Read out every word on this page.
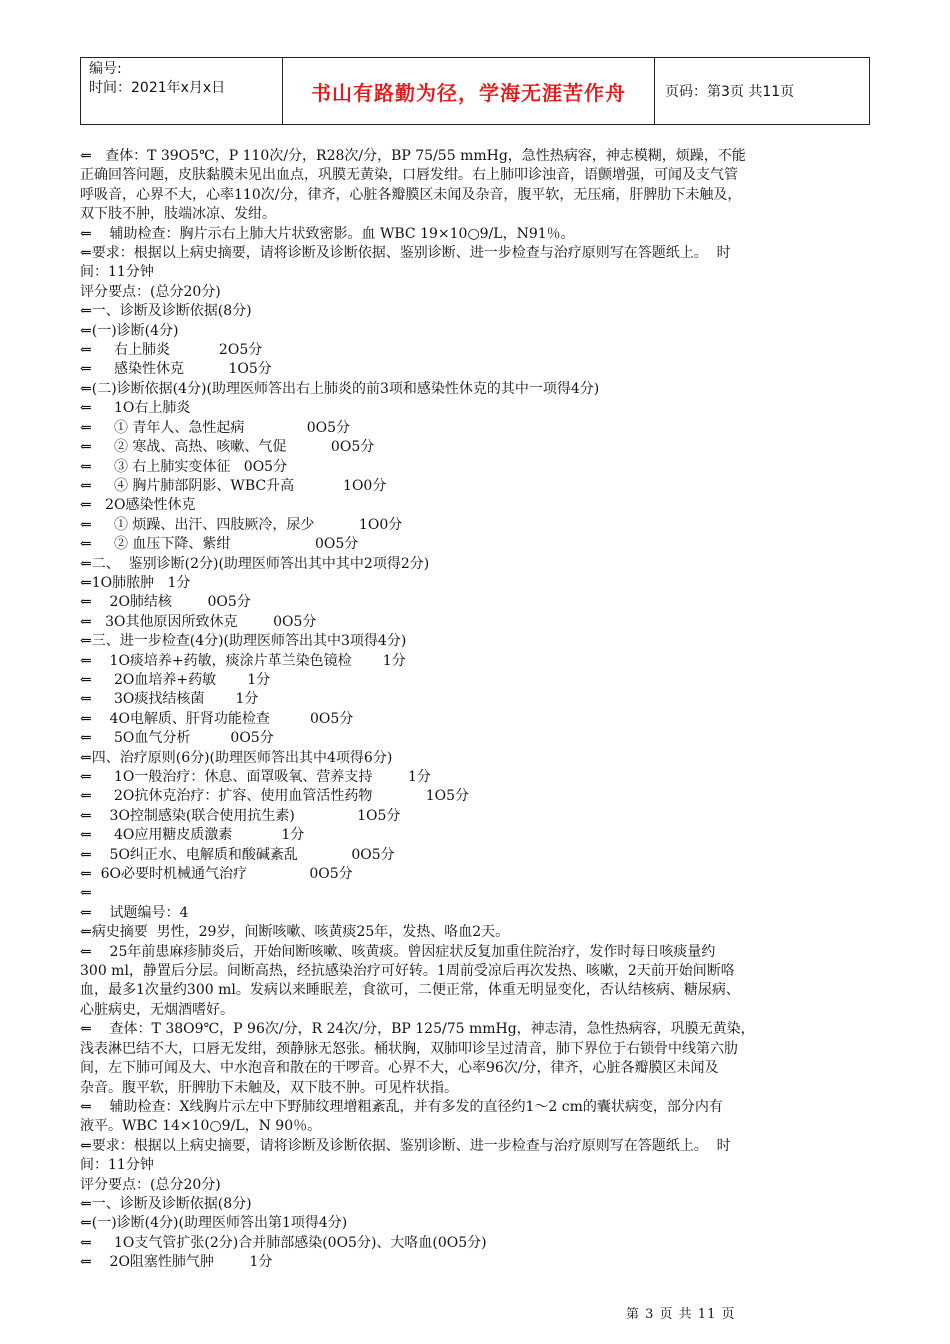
编号:
时间：2021年x月x日	书山有路勤为径，学海无涯苦作舟	页码：第3页 共11页

⇐   查体：T 39O5℃，P 110次/分，R28次/分，BP 75/55 mmHg，急性热病容，神志模糊，烦躁，不能

正确回答问题，皮肤黏膜未见出血点，巩膜无黄染，口唇发绀。右上肺叩诊浊音，语颤增强，可闻及支气管

呼吸音，心界不大，心率110次/分，律齐，心脏各瓣膜区未闻及杂音，腹平软，无压痛，肝脾肋下未触及，

双下肢不肿，肢端冰凉、发绀。

⇐    辅助检查：胸片示右上肺大片状致密影。血 WBC 19×10○9/L，N91％。

⇐要求：根据以上病史摘要，请将诊断及诊断依据、鉴别诊断、进一步检查与治疗原则写在答题纸上。  时

间：11分钟

评分要点：(总分20分)

⇐一、诊断及诊断依据(8分)

⇐(一)诊断(4分)

⇐     右上肺炎           2O5分

⇐     感染性休克          1O5分

⇐(二)诊断依据(4分)(助理医师答出右上肺炎的前3项和感染性休克的其中一项得4分)

⇐     1O右上肺炎

⇐     ① 青年人、急性起病              0O5分

⇐     ② 寒战、高热、咳嗽、气促          0O5分

⇐     ③ 右上肺实变体征   0O5分

⇐     ④ 胸片肺部阴影、WBC升高           1O0分

⇐   2O感染性休克

⇐     ① 烦躁、出汗、四肢厥冷，尿少          1O0分

⇐     ② 血压下降、紫绀                   0O5分

⇐二、  鉴别诊断(2分)(助理医师答出其中其中2项得2分)

⇐1O肺脓肿   1分

⇐    2O肺结核        0O5分

⇐   3O其他原因所致休克        0O5分

⇐三、进一步检查(4分)(助理医师答出其中3项得4分)

⇐    1O痰培养+药敏，痰涂片革兰染色镜检       1分

⇐     2O血培养+药敏       1分

⇐     3O痰找结核菌       1分

⇐    4O电解质、肝肾功能检查         0O5分

⇐     5O血气分析         0O5分

⇐四、治疗原则(6分)(助理医师答出其中4项得6分)

⇐     1O一般治疗：休息、面罩吸氧、营养支持        1分

⇐     2O抗休克治疗：扩容、使用血管活性药物            1O5分

⇐    3O控制感染(联合使用抗生素)              1O5分

⇐     4O应用糖皮质激素           1分

⇐    5O纠正水、电解质和酸碱紊乱            0O5分

⇐  6O必要时机械通气治疗              0O5分

⇐

⇐    试题编号：4

⇐病史摘要  男性，29岁，间断咳嗽、咳黄痰25年，发热、咯血2天。

⇐    25年前患麻疹肺炎后，开始间断咳嗽、咳黄痰。曾因症状反复加重住院治疗，发作时每日咳痰量约

300 ml，静置后分层。间断高热，经抗感染治疗可好转。1周前受凉后再次发热、咳嗽，2天前开始间断咯

血，最多1次量约300 ml。发病以来睡眠差，食欲可，二便正常，体重无明显变化，否认结核病、糖尿病、

心脏病史，无烟酒嗜好。

⇐    查体：T 38O9℃，P 96次/分，R 24次/分，BP 125/75 mmHg，神志清，急性热病容，巩膜无黄染，

浅表淋巴结不大，口唇无发绀，颈静脉无怒张。桶状胸，双肺叩诊呈过清音，肺下界位于右锁骨中线第六肋

间，左下肺可闻及大、中水泡音和散在的干啰音。心界不大，心率96次/分，律齐，心脏各瓣膜区未闻及

杂音。腹平软，肝脾肋下未触及，双下肢不肿。可见杵状指。

⇐    辅助检查：X线胸片示左中下野肺纹理增粗紊乱，并有多发的直径约1～2 cm的囊状病变，部分内有

液平。WBC 14×10○9/L，N 90％。

⇐要求：根据以上病史摘要，请将诊断及诊断依据、鉴别诊断、进一步检查与治疗原则写在答题纸上。  时

间：11分钟

评分要点：(总分20分)

⇐一、诊断及诊断依据(8分)

⇐(一)诊断(4分)(助理医师答出第1项得4分)

⇐     1O支气管扩张(2分)合并肺部感染(0O5分)、大咯血(0O5分)

⇐    2O阻塞性肺气肿        1分

第 3 页 共 11 页
